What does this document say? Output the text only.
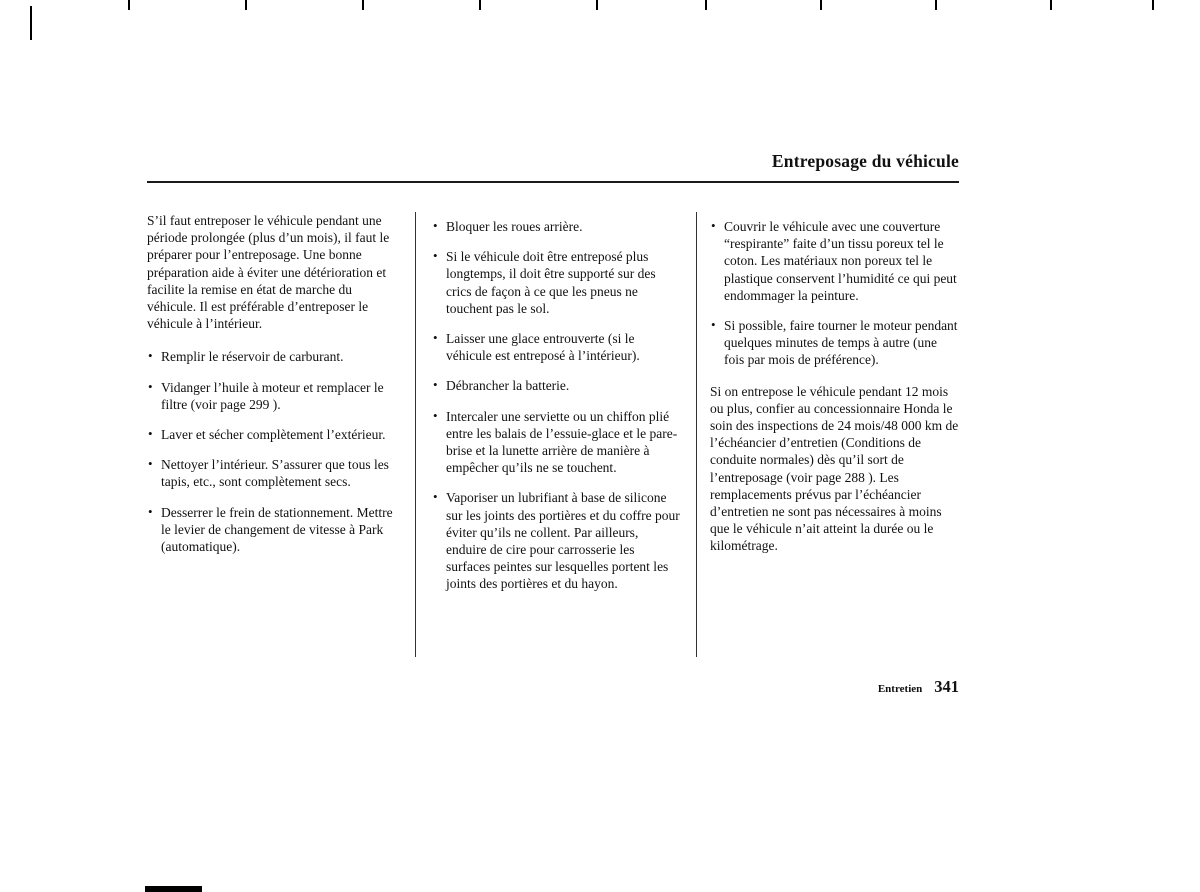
Entreposage du véhicule

S’il faut entreposer le véhicule pendant une période prolongée (plus d’un mois), il faut le préparer pour l’entreposage. Une bonne préparation aide à éviter une détérioration et facilite la remise en état de marche du véhicule. Il est préférable d’entreposer le véhicule à l’intérieur.

• Remplir le réservoir de carburant.
• Vidanger l’huile à moteur et remplacer le filtre (voir page 299 ).
• Laver et sécher complètement l’extérieur.
• Nettoyer l’intérieur. S’assurer que tous les tapis, etc., sont complètement secs.
• Desserrer le frein de stationnement. Mettre le levier de changement de vitesse à Park (automatique).
• Bloquer les roues arrière.
• Si le véhicule doit être entreposé plus longtemps, il doit être supporté sur des crics de façon à ce que les pneus ne touchent pas le sol.
• Laisser une glace entrouverte (si le véhicule est entreposé à l’intérieur).
• Débrancher la batterie.
• Intercaler une serviette ou un chiffon plié entre les balais de l’essuie-glace et le pare-brise et la lunette arrière de manière à empêcher qu’ils ne se touchent.
• Vaporiser un lubrifiant à base de silicone sur les joints des portières et du coffre pour éviter qu’ils ne collent. Par ailleurs, enduire de cire pour carrosserie les surfaces peintes sur lesquelles portent les joints des portières et du hayon.
• Couvrir le véhicule avec une couverture “respirante” faite d’un tissu poreux tel le coton. Les matériaux non poreux tel le plastique conservent l’humidité ce qui peut endommager la peinture.
• Si possible, faire tourner le moteur pendant quelques minutes de temps à autre (une fois par mois de préférence).

Si on entrepose le véhicule pendant 12 mois ou plus, confier au concessionnaire Honda le soin des inspections de 24 mois/48 000 km de l’échéancier d’entretien (Conditions de conduite normales) dès qu’il sort de l’entreposage (voir page 288 ). Les remplacements prévus par l’échéancier d’entretien ne sont pas nécessaires à moins que le véhicule n’ait atteint la durée ou le kilométrage.

Entretien 341
